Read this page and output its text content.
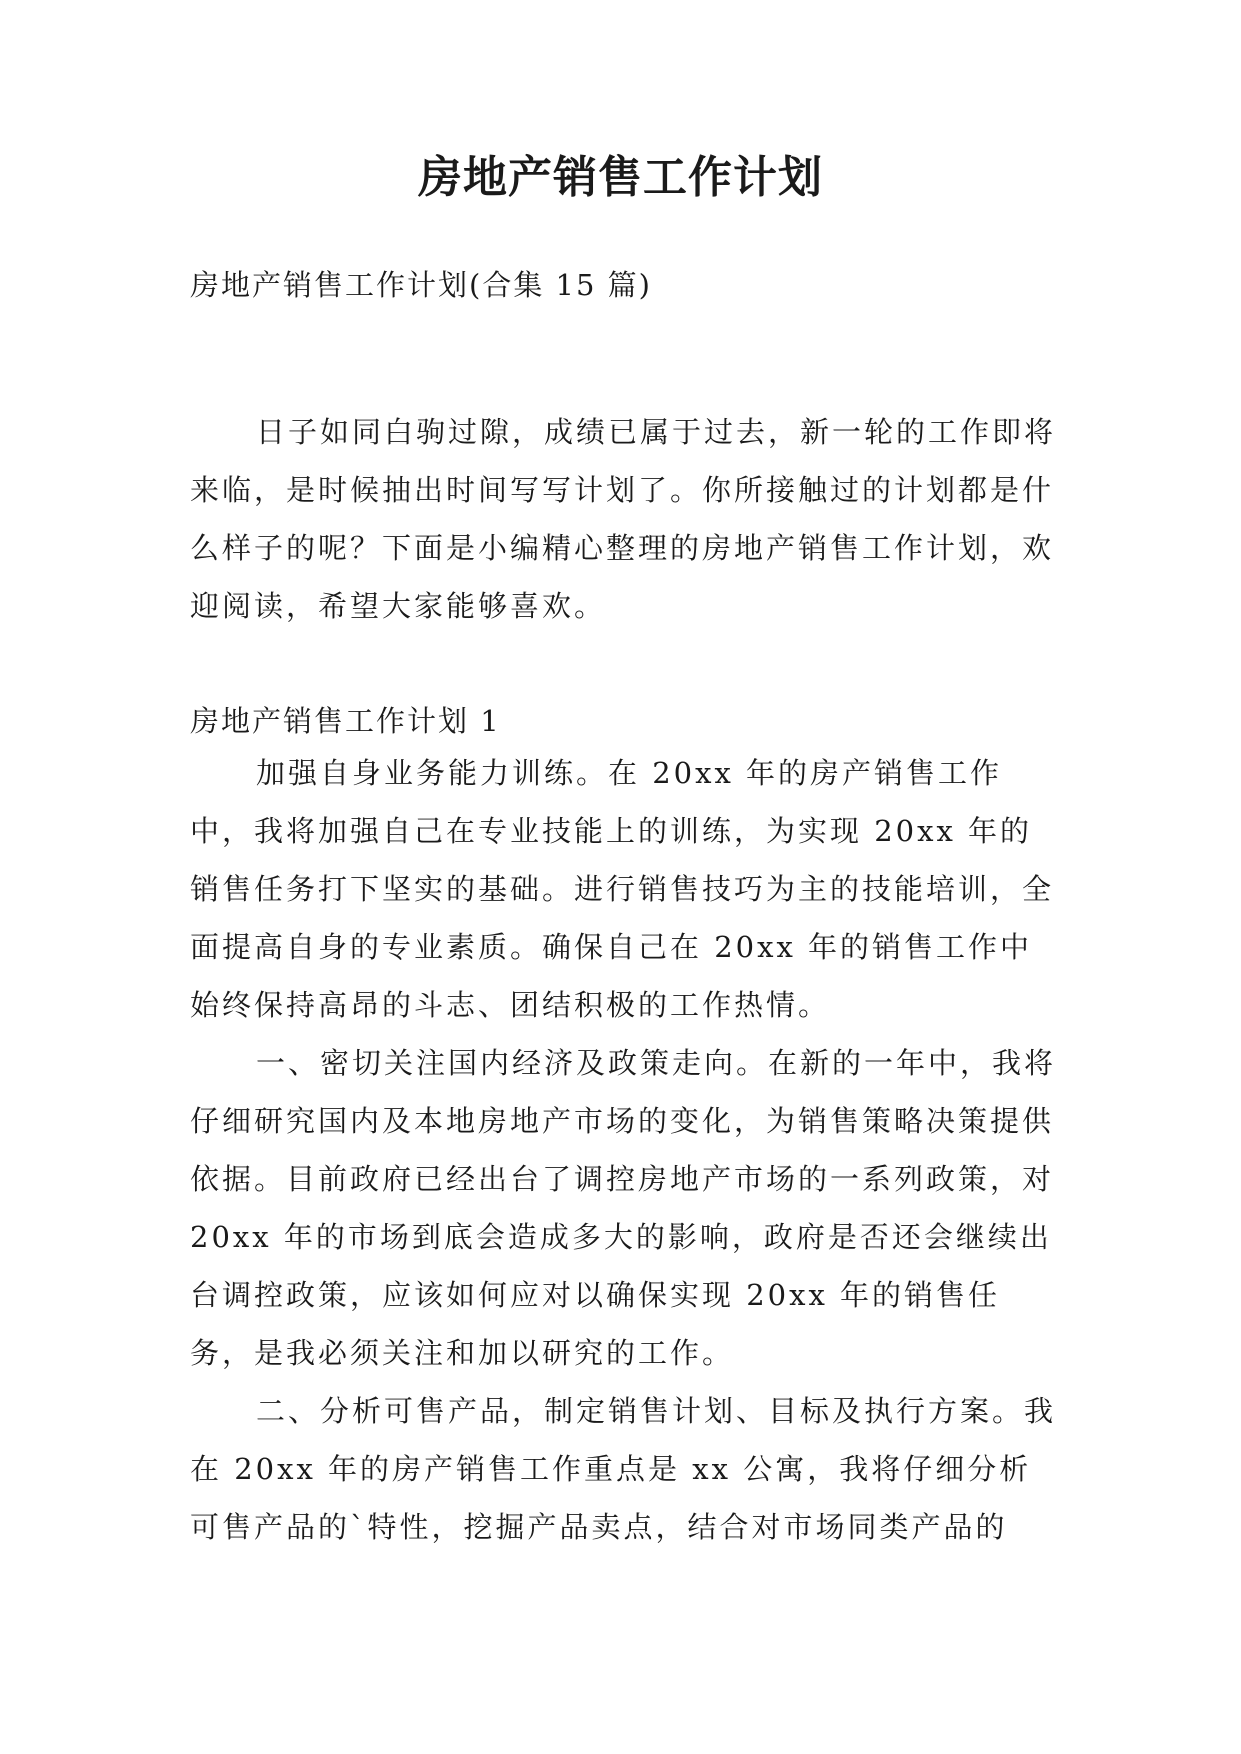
房地产销售工作计划
房地产销售工作计划(合集 15 篇)

日子如同白驹过隙，成绩已属于过去，新一轮的工作即将来临，是时候抽出时间写写计划了。你所接触过的计划都是什么样子的呢？下面是小编精心整理的房地产销售工作计划，欢迎阅读，希望大家能够喜欢。

房地产销售工作计划 1

加强自身业务能力训练。在 20xx 年的房产销售工作中，我将加强自己在专业技能上的训练，为实现 20xx 年的销售任务打下坚实的基础。进行销售技巧为主的技能培训，全面提高自身的专业素质。确保自己在 20xx 年的销售工作中始终保持高昂的斗志、团结积极的工作热情。

一、密切关注国内经济及政策走向。在新的一年中，我将仔细研究国内及本地房地产市场的变化，为销售策略决策提供依据。目前政府已经出台了调控房地产市场的一系列政策，对 20xx 年的市场到底会造成多大的影响，政府是否还会继续出台调控政策，应该如何应对以确保实现 20xx 年的销售任务，是我必须关注和加以研究的工作。

二、分析可售产品，制定销售计划、目标及执行方案。我在 20xx 年的房产销售工作重点是 xx 公寓，我将仔细分析可售产品的`特性，挖掘产品卖点，结合对市场同类产品的
